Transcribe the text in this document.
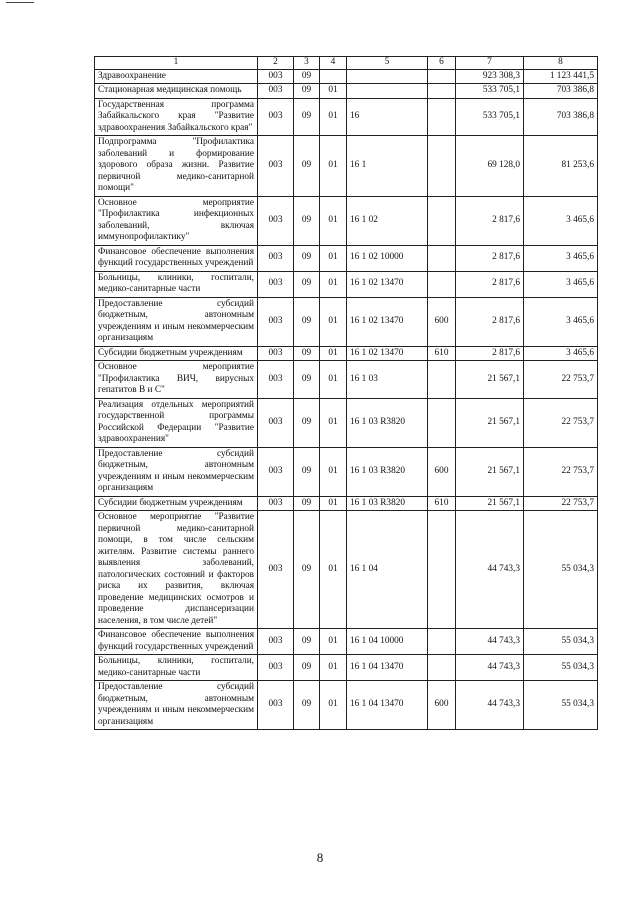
1	2	3	4	5	6	7	8
Здравоохранение	003	09				923 308,3	1 123 441,5
Стационарная медицинская помощь	003	09	01			533 705,1	703 386,8
Государственная программа Забайкальского края "Развитие здравоохранения Забайкальского края"	003	09	01	16		533 705,1	703 386,8
Подпрограмма "Профилактика заболеваний и формирование здорового образа жизни. Развитие первичной медико-санитарной помощи"	003	09	01	16 1		69 128,0	81 253,6
Основное мероприятие "Профилактика инфекционных заболеваний, включая иммунопрофилактику"	003	09	01	16 1 02		2 817,6	3 465,6
Финансовое обеспечение выполнения функций государственных учреждений	003	09	01	16 1 02 10000		2 817,6	3 465,6
Больницы, клиники, госпитали, медико-санитарные части	003	09	01	16 1 02 13470		2 817,6	3 465,6
Предоставление субсидий бюджетным, автономным учреждениям и иным некоммерческим организациям	003	09	01	16 1 02 13470	600	2 817,6	3 465,6
Субсидии бюджетным учреждениям	003	09	01	16 1 02 13470	610	2 817,6	3 465,6
Основное мероприятие "Профилактика ВИЧ, вирусных гепатитов В и С"	003	09	01	16 1 03		21 567,1	22 753,7
Реализация отдельных мероприятий государственной программы Российской Федерации "Развитие здравоохранения"	003	09	01	16 1 03 R3820		21 567,1	22 753,7
Предоставление субсидий бюджетным, автономным учреждениям и иным некоммерческим организациям	003	09	01	16 1 03 R3820	600	21 567,1	22 753,7
Субсидии бюджетным учреждениям	003	09	01	16 1 03 R3820	610	21 567,1	22 753,7
Основное мероприятие "Развитие первичной медико-санитарной помощи, в том числе сельским жителям. Развитие системы раннего выявления заболеваний, патологических состояний и факторов риска их развития, включая проведение медицинских осмотров и проведение диспансеризации населения, в том числе детей"	003	09	01	16 1 04		44 743,3	55 034,3
Финансовое обеспечение выполнения функций государственных учреждений	003	09	01	16 1 04 10000		44 743,3	55 034,3
Больницы, клиники, госпитали, медико-санитарные части	003	09	01	16 1 04 13470		44 743,3	55 034,3
Предоставление субсидий бюджетным, автономным учреждениям и иным некоммерческим организациям	003	09	01	16 1 04 13470	600	44 743,3	55 034,3
8
